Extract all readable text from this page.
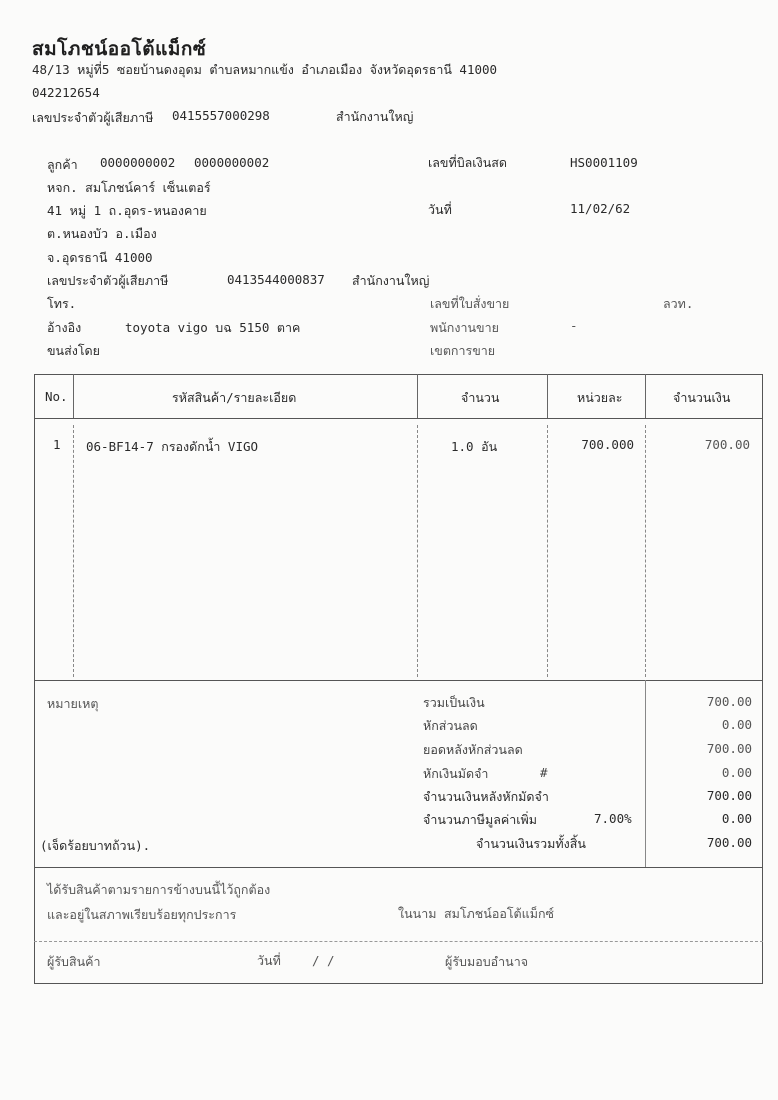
สมโภชน์ออโต้แม็กซ์
48/13 หมู่ที่5 ซอยบ้านดงอุดม ตำบลหมากแข้ง อำเภอเมือง จังหวัดอุดรธานี 41000
042212654
เลขประจำตัวผู้เสียภาษี 0415557000298	สำนักงานใหญ่
ลูกค้า 0000000002 0000000002
หจก. สมโภชน์คาร์ เซ็นเตอร์
41 หมู่ 1 ถ.อุดร-หนองคาย
ต.หนองบัว อ.เมือง
จ.อุดรธานี 41000
เลขประจำตัวผู้เสียภาษี	0413544000837 สำนักงานใหญ่
โทร.
อ้างอิง	toyota vigo บฉ 5150 ตาค
ขนส่งโดย
เลขที่บิลเงินสด	HS0001109
วันที่	11/02/62
เลขที่ใบสั่งขาย	ลวท.
พนักงานขาย	-
เขตการขาย
No.	รหัสสินค้า/รายละเอียด	จำนวน	หน่วยละ	จำนวนเงิน
1 06-BF14-7 กรองดักน้ำ VIGO	1.0 อัน	700.000	700.00
หมายเหตุ	รวมเป็นเงิน	700.00
หักส่วนลด	0.00
ยอดหลังหักส่วนลด	700.00
หักเงินมัดจำ	#	0.00
จำนวนเงินหลังหักมัดจำ	700.00
จำนวนภาษีมูลค่าเพิ่ม	7.00%	0.00
(เจ็ดร้อยบาทถ้วน).	จำนวนเงินรวมทั้งสิ้น	700.00
ได้รับสินค้าตามรายการข้างบนนี้ไว้ถูกต้อง
และอยู่ในสภาพเรียบร้อยทุกประการ	ในนาม สมโภชน์ออโต้แม็กซ์
ผู้รับสินค้า	วันที่ / /	ผู้รับมอบอำนาจ
